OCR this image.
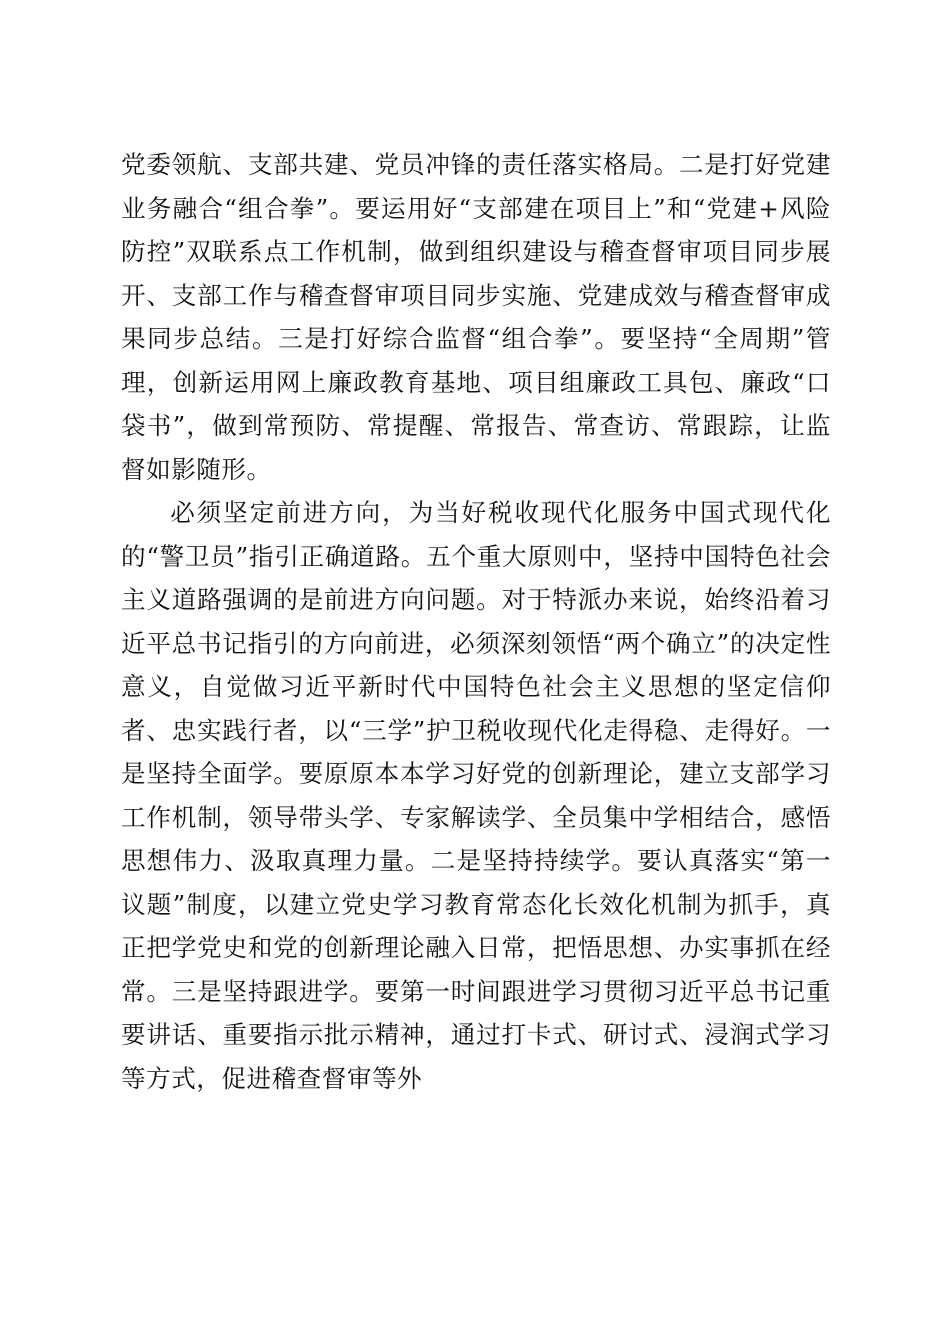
党委领航、支部共建、党员冲锋的责任落实格局。二是打好党建业务融合“组合拳”。要运用好“支部建在项目上”和“党建+风险防控”双联系点工作机制，做到组织建设与稽查督审项目同步展开、支部工作与稽查督审项目同步实施、党建成效与稽查督审成果同步总结。三是打好综合监督“组合拳”。要坚持“全周期”管理，创新运用网上廉政教育基地、项目组廉政工具包、廉政“口袋书”，做到常预防、常提醒、常报告、常查访、常跟踪，让监督如影随形。

必须坚定前进方向，为当好税收现代化服务中国式现代化的“警卫员”指引正确道路。五个重大原则中，坚持中国特色社会主义道路强调的是前进方向问题。对于特派办来说，始终沿着习近平总书记指引的方向前进，必须深刻领悟“两个确立”的决定性意义，自觉做习近平新时代中国特色社会主义思想的坚定信仰者、忠实践行者，以“三学”护卫税收现代化走得稳、走得好。一是坚持全面学。要原原本本学习好党的创新理论，建立支部学习工作机制，领导带头学、专家解读学、全员集中学相结合，感悟思想伟力、汲取真理力量。二是坚持持续学。要认真落实“第一议题”制度，以建立党史学习教育常态化长效化机制为抓手，真正把学党史和党的创新理论融入日常，把悟思想、办实事抓在经常。三是坚持跟进学。要第一时间跟进学习贯彻习近平总书记重要讲话、重要指示批示精神，通过打卡式、研讨式、浸润式学习等方式，促进稽查督审等外
